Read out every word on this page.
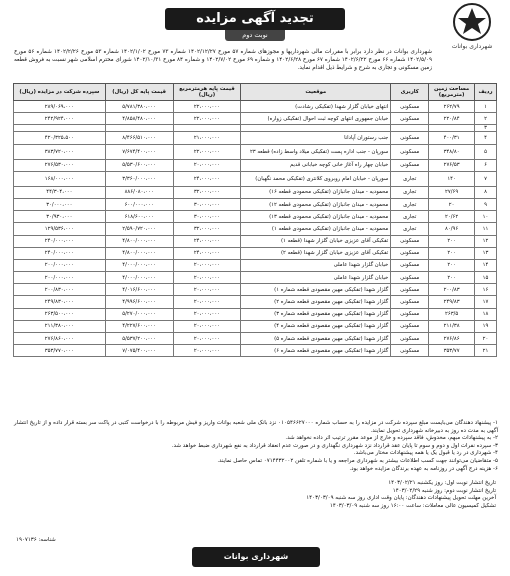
تجدید آگهی مزایده
نوبت دوم
شهرداری بوانات

شهرداری بوانات در نظر دارد برابر با مقررات مالی شهرداریها و مجوزهای شماره ۵۷ مورخ ۱۴۰۲/۱۲/۲۷ شماره ۷۳ مورخ ۱۴۰۲/۱/۰۲ شماره ۵۳ مورخ ۱۴۰۲/۲/۲۶ شماره ۵۶ مورخ ۱۴۰۲/۵/۰۹ شماره ۶۶ مورخ ۱۴۰۲/۶/۲۲ شماره ۶۷ مورخ ۱۴۰۲/۶/۲۸ و شماره ۶۹ مورخ ۱۴۰۲/۷/۰۲ و شماره ۸۴ مورخ ۱۴۰۲/۱۰/۳۱ شورای محترم اسلامی شهر نسبت به فروش قطعه زمین مسکونی و تجاری به شرح و شرایط ذیل اقدام نماید.

ردیف	مساحت زمین (مترمربع)	کاربری	موقعیت	قیمت پایه هرمترمربع (ریال)	قیمت پایه کل (ریال)	سپرده شرکت در مزایده (ریال)
۱	۲۶۲/۷۹	مسکونی	انتهای خیابان گلزار شهدا (تفکیکی رشادت)	۲۲،۰۰۰،۰۰۰	۵/۷۸۱/۳۸۰،۰۰۰	۲۸۹/۰۶۹،۰۰۰
۲	۲۲۰/۸۴	مسکونی	خیابان جمهوری انتهای کوچه ثبت احوال (تفکیکی زواره)	۲۲،۰۰۰،۰۰۰	۴/۸۵۸/۴۸۰،۰۰۰	۲۴۲/۹۲۴،۰۰۰
۳						
۴	۴۰۰/۳۱	مسکونی	جنب رستوران آپادانا	۲۱،۰۰۰،۰۰۰	۸/۴۶۶/۵۱۰،۰۰۰	۴۲۰/۳۲۵،۵۰۰
۵	۳۴۸/۸۰	مسکونی	سورپان - جنب اداره پست (تفکیکی میلاد واسط زاده) قطعه ۲۳	۲۲،۰۰۰،۰۰۰	۷/۶۷۴/۴۰۰،۰۰۰	۳۸۳/۷۲۰،۰۰۰
۶	۲۷۶/۵۳	مسکونی	خیابان چهار راه آغاز خانی کوچه خیابانی قدیم	۲۰،۰۰۰،۰۰۰	۵/۵۳۰/۶۰۰،۰۰۰	۲۷۶/۵۳۰،۰۰۰
۷	۱۴۰	تجاری	سورپان - خیابان امام روبروی کلانتری (تفکیکی محمد نگهبان)	۲۴،۰۰۰،۰۰۰	۳/۳۶۰/۰۰۰،۰۰۰	۱۶۸/۰۰۰،۰۰۰
۸	۲۷/۶۹	تجاری	محمودیه - میدان جانبازان (تفکیکی محمودی قطعه ۱۶)	۳۲،۰۰۰،۰۰۰	۸۸۶/۰۸۰،۰۰۰	۴۴/۳۰۴،۰۰۰
۹	۲۰	تجاری	محمودیه - میدان جانبازان (تفکیکی محمودی قطعه ۱۲)	۳۰،۰۰۰،۰۰۰	۶۰۰/۰۰۰،۰۰۰	۳۰/۰۰۰،۰۰۰
۱۰	۲۰/۶۲	تجاری	محمودیه - میدان جانبازان (تفکیکی محمودی قطعه ۱۳)	۳۰،۰۰۰،۰۰۰	۶۱۸/۶۰۰،۰۰۰	۳۰/۹۳۰،۰۰۰
۱۱	۸۰/۹۶	تجاری	محمودیه - میدان جانبازان (تفکیکی محمودی قطعه ۱)	۳۲،۰۰۰،۰۰۰	۲/۵۹۰/۷۲۰،۰۰۰	۱۲۹/۵۳۶،۰۰۰
۱۲	۲۰۰	مسکونی	تفکیکی آقای عزیزی خیابان گلزار شهدا (قطعه ۱)	۲۴،۰۰۰،۰۰۰	۴/۸۰۰/۰۰۰،۰۰۰	۲۴۰/۰۰۰،۰۰۰
۱۳	۲۰۰	مسکونی	تفکیکی آقای عزیزی خیابان گلزار شهدا (قطعه ۲)	۲۴،۰۰۰،۰۰۰	۴/۸۰۰/۰۰۰،۰۰۰	۲۴۰/۰۰۰،۰۰۰
۱۴	۲۰۰	مسکونی	خیابان گلزار شهدا عاملی	۲۰،۰۰۰،۰۰۰	۴/۰۰۰/۰۰۰،۰۰۰	۲۰۰/۰۰۰،۰۰۰
۱۵	۲۰۰	مسکونی	خیابان گلزار شهدا عاملی	۲۰،۰۰۰،۰۰۰	۴/۰۰۰/۰۰۰،۰۰۰	۲۰۰/۰۰۰،۰۰۰
۱۶	۲۰۰/۸۳	مسکونی	گلزار شهدا (تفکیکی مهین مقصودی قطعه شماره ۱)	۲۰،۰۰۰،۰۰۰	۴/۰۱۶/۶۰۰،۰۰۰	۲۰۰/۸۳۰،۰۰۰
۱۷	۲۴۹/۸۳	مسکونی	گلزار شهدا (تفکیکی مهین مقصودی قطعه شماره ۲)	۲۰،۰۰۰،۰۰۰	۴/۹۹۶/۶۰۰،۰۰۰	۲۴۹/۸۳۰،۰۰۰
۱۸	۲۶۳/۵	مسکونی	گلزار شهدا (تفکیکی مهین مقصودی قطعه شماره ۳)	۲۰،۰۰۰،۰۰۰	۵/۲۷۰/۰۰۰،۰۰۰	۲۶۳/۵۰۰،۰۰۰
۱۹	۲۱۱/۳۸	مسکونی	گلزار شهدا (تفکیکی مهین مقصودی قطعه شماره ۴)	۲۰،۰۰۰،۰۰۰	۴/۲۲۷/۶۰۰،۰۰۰	۲۱۱/۳۸۰،۰۰۰
۲۰	۲۷۶/۸۶	مسکونی	گلزار شهدا (تفکیکی مهین مقصودی قطعه شماره ۵)	۲۰،۰۰۰،۰۰۰	۵/۵۳۷/۲۰۰،۰۰۰	۲۷۶/۸۶۰،۰۰۰
۲۱	۳۵۳/۷۷	مسکونی	گلزار شهدا (تفکیکی مهین مقصودی قطعه شماره ۶)	۲۰،۰۰۰،۰۰۰	۷/۰۷۵/۴۰۰،۰۰۰	۳۵۳/۷۷۰،۰۰۰
۱- پیشنهاد دهندگان می‌بایست مبلغ سپرده شرکت در مزایده را به حساب شماره ۰۱۰۵۴۶۶۲۷۰۰۰ نزد بانک ملی شعبه بوانات واریز و فیش مربوطه را با درخواست کتبی در پاکت سر بسته قرار داده و از تاریخ انتشار آگهی به مدت ده روز به دبیرخانه شهرداری تحویل نمایند.
۲- به پیشنهادات مبهم، مخدوش، فاقد سپرده و خارج از موعد مقرر ترتیب اثر داده نخواهد شد.
۳- سپرده نفرات اول و دوم و سوم تا پایان عقد قرارداد نزد شهرداری نگهداری و در صورت عدم انعقاد قرارداد به نفع شهرداری ضبط خواهد شد.
۴- شهرداری در رد یا قبول یک یا همه پیشنهادات مختار می‌باشد.
۵- متقاضیان می‌توانند جهت کسب اطلاعات بیشتر به شهرداری مراجعه و یا با شماره تلفن ۰۷۱۴۴۳۲۰۰۲ تماس حاصل نمایند.
۶- هزینه درج آگهی در روزنامه به عهده برندگان مزایده خواهد بود.
تاریخ انتشار نوبت اول: روز یکشنبه ۱۴۰۳/۰۲/۲۱
تاریخ انتشار نوبت دوم: روز شنبه ۱۴۰۳/۰۲/۲۹
آخرین مهلت تحویل پیشنهادات دهندگان: پایان وقت اداری روز سه شنبه ۱۴۰۳/۰۳/۰۹
تشکیل کمیسیون عالی معاملات: ساعت ۱۶:۰۰ روز سه شنبه ۱۴۰۳/۰۳/۰۹
شناسه: ۱۹۰۷۱۳۶
شهرداری بوانات
